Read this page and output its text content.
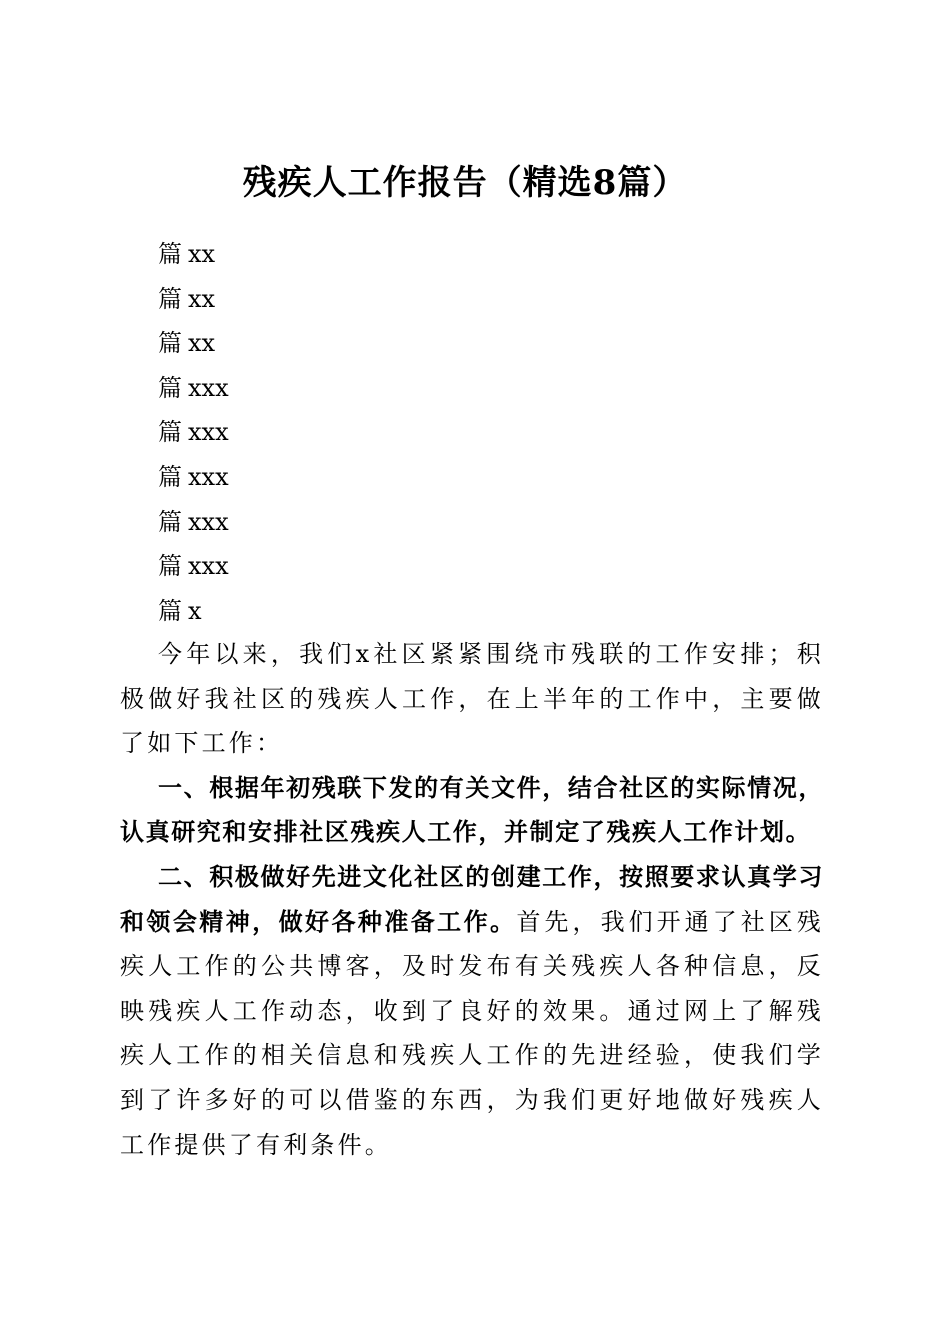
残疾人工作报告（精选8篇）
篇 xx
篇 xx
篇 xx
篇 xxx
篇 xxx
篇 xxx
篇 xxx
篇 xxx
篇 x

今年以来，我们x社区紧紧围绕市残联的工作安排；积极做好我社区的残疾人工作，在上半年的工作中，主要做了如下工作：

一、根据年初残联下发的有关文件，结合社区的实际情况，认真研究和安排社区残疾人工作，并制定了残疾人工作计划。

二、积极做好先进文化社区的创建工作，按照要求认真学习和领会精神，做好各种准备工作。首先，我们开通了社区残疾人工作的公共博客，及时发布有关残疾人各种信息，反映残疾人工作动态，收到了良好的效果。通过网上了解残疾人工作的相关信息和残疾人工作的先进经验，使我们学到了许多好的可以借鉴的东西，为我们更好地做好残疾人工作提供了有利条件。
